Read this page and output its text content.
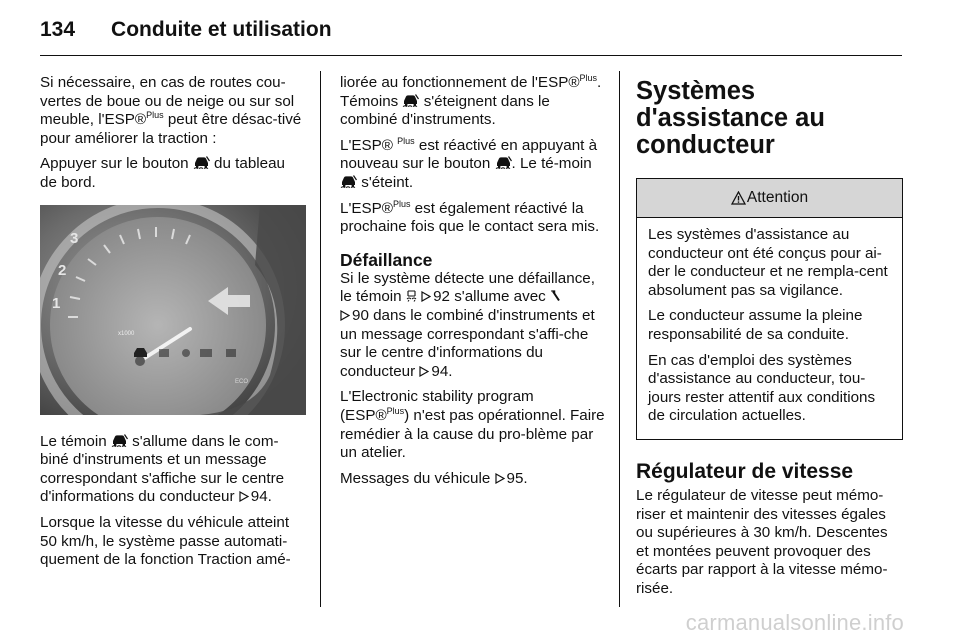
134 Conduite et utilisation

Si nécessaire, en cas de routes cou-vertes de boue ou de neige ou sur sol meuble, l'ESP®$^{Plus}$ peut être désac-tivé pour améliorer la traction :

Appuyer sur le bouton  du tableau de bord.

3
2
1
x1000
ECO

Le témoin  s'allume dans le com-biné d'instruments et un message correspondant s'affiche sur le centre d'informations du conducteur 94.

Lorsque la vitesse du véhicule atteint 50 km/h, le système passe automati-quement de la fonction Traction amé-

liorée au fonctionnement de l'ESP®$^{Plus}$. Témoins  s'éteignent dans le combiné d'instruments.

L'ESP® $^{Plus}$ est réactivé en appuyant à nouveau sur le bouton . Le té-moin  s'éteint.

L'ESP®$^{Plus}$ est également réactivé la prochaine fois que le contact sera mis.

Défaillance

Si le système détecte une défaillance, le témoin  92 s'allume avec
90 dans le combiné d'instruments et un message correspondant s'affi-che sur le centre d'informations du conducteur 94.

L'Electronic stability program (ESP®$^{Plus}$) n'est pas opérationnel. Faire remédier à la cause du pro-blème par un atelier.

Messages du véhicule 95.

Systèmes d'assistance au conducteur
Attention

Les systèmes d'assistance au conducteur ont été conçus pour ai-der le conducteur et ne rempla-cent absolument pas sa vigilance.

Le conducteur assume la pleine responsabilité de sa conduite.

En cas d'emploi des systèmes d'assistance au conducteur, tou-jours rester attentif aux conditions de circulation actuelles.

Régulateur de vitesse

Le régulateur de vitesse peut mémo-riser et maintenir des vitesses égales ou supérieures à 30 km/h. Descentes et montées peuvent provoquer des écarts par rapport à la vitesse mémo-risée.

carmanualsonline.info
